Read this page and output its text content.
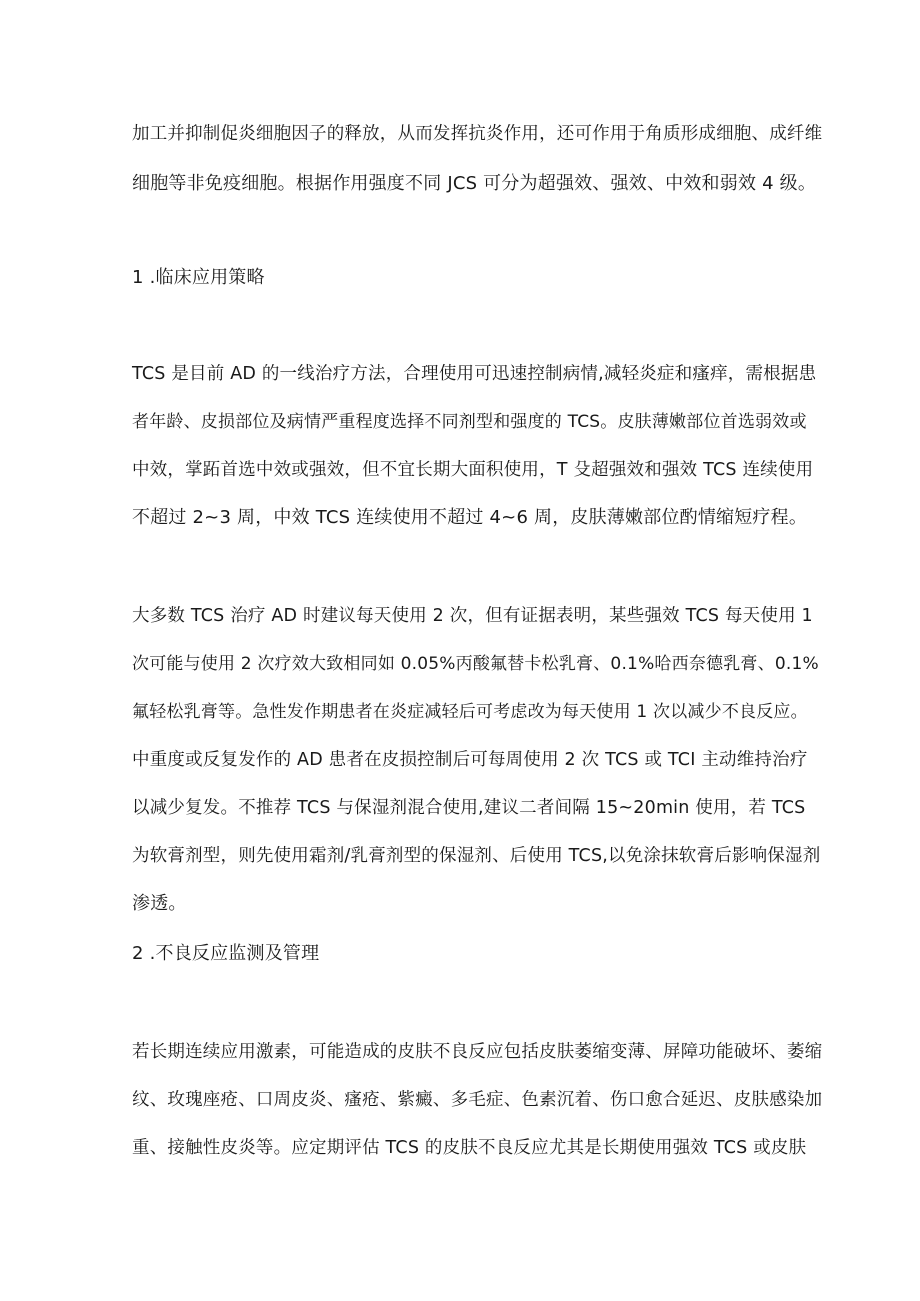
加工并抑制促炎细胞因子的释放，从而发挥抗炎作用，还可作用于角质形成细胞、成纤维
细胞等非免疫细胞。根据作用强度不同 JCS 可分为超强效、强效、中效和弱效 4 级。
1 .临床应用策略
TCS 是目前 AD 的一线治疗方法，合理使用可迅速控制病情,减轻炎症和瘙痒，需根据患
者年龄、皮损部位及病情严重程度选择不同剂型和强度的 TCS。皮肤薄嫩部位首选弱效或
中效，掌跖首选中效或强效，但不宜长期大面积使用，T 殳超强效和强效 TCS 连续使用
不超过 2~3 周，中效 TCS 连续使用不超过 4~6 周，皮肤薄嫩部位酌情缩短疗程。
大多数 TCS 治疗 AD 时建议每天使用 2 次，但有证据表明，某些强效 TCS 每天使用 1
次可能与使用 2 次疗效大致相同如 0.05%丙酸氟替卡松乳膏、0.1%哈西奈德乳膏、0.1%
氟轻松乳膏等。急性发作期患者在炎症减轻后可考虑改为每天使用 1 次以减少不良反应。
中重度或反复发作的 AD 患者在皮损控制后可每周使用 2 次 TCS 或 TCI 主动维持治疗
以减少复发。不推荐 TCS 与保湿剂混合使用,建议二者间隔 15~20min 使用，若 TCS
为软膏剂型，则先使用霜剂/乳膏剂型的保湿剂、后使用 TCS,以免涂抹软膏后影响保湿剂
渗透。
2 .不良反应监测及管理
若长期连续应用激素，可能造成的皮肤不良反应包括皮肤萎缩变薄、屏障功能破坏、萎缩
纹、玫瑰座疮、口周皮炎、瘙疮、紫癜、多毛症、色素沉着、伤口愈合延迟、皮肤感染加
重、接触性皮炎等。应定期评估 TCS 的皮肤不良反应尤其是长期使用强效 TCS 或皮肤
